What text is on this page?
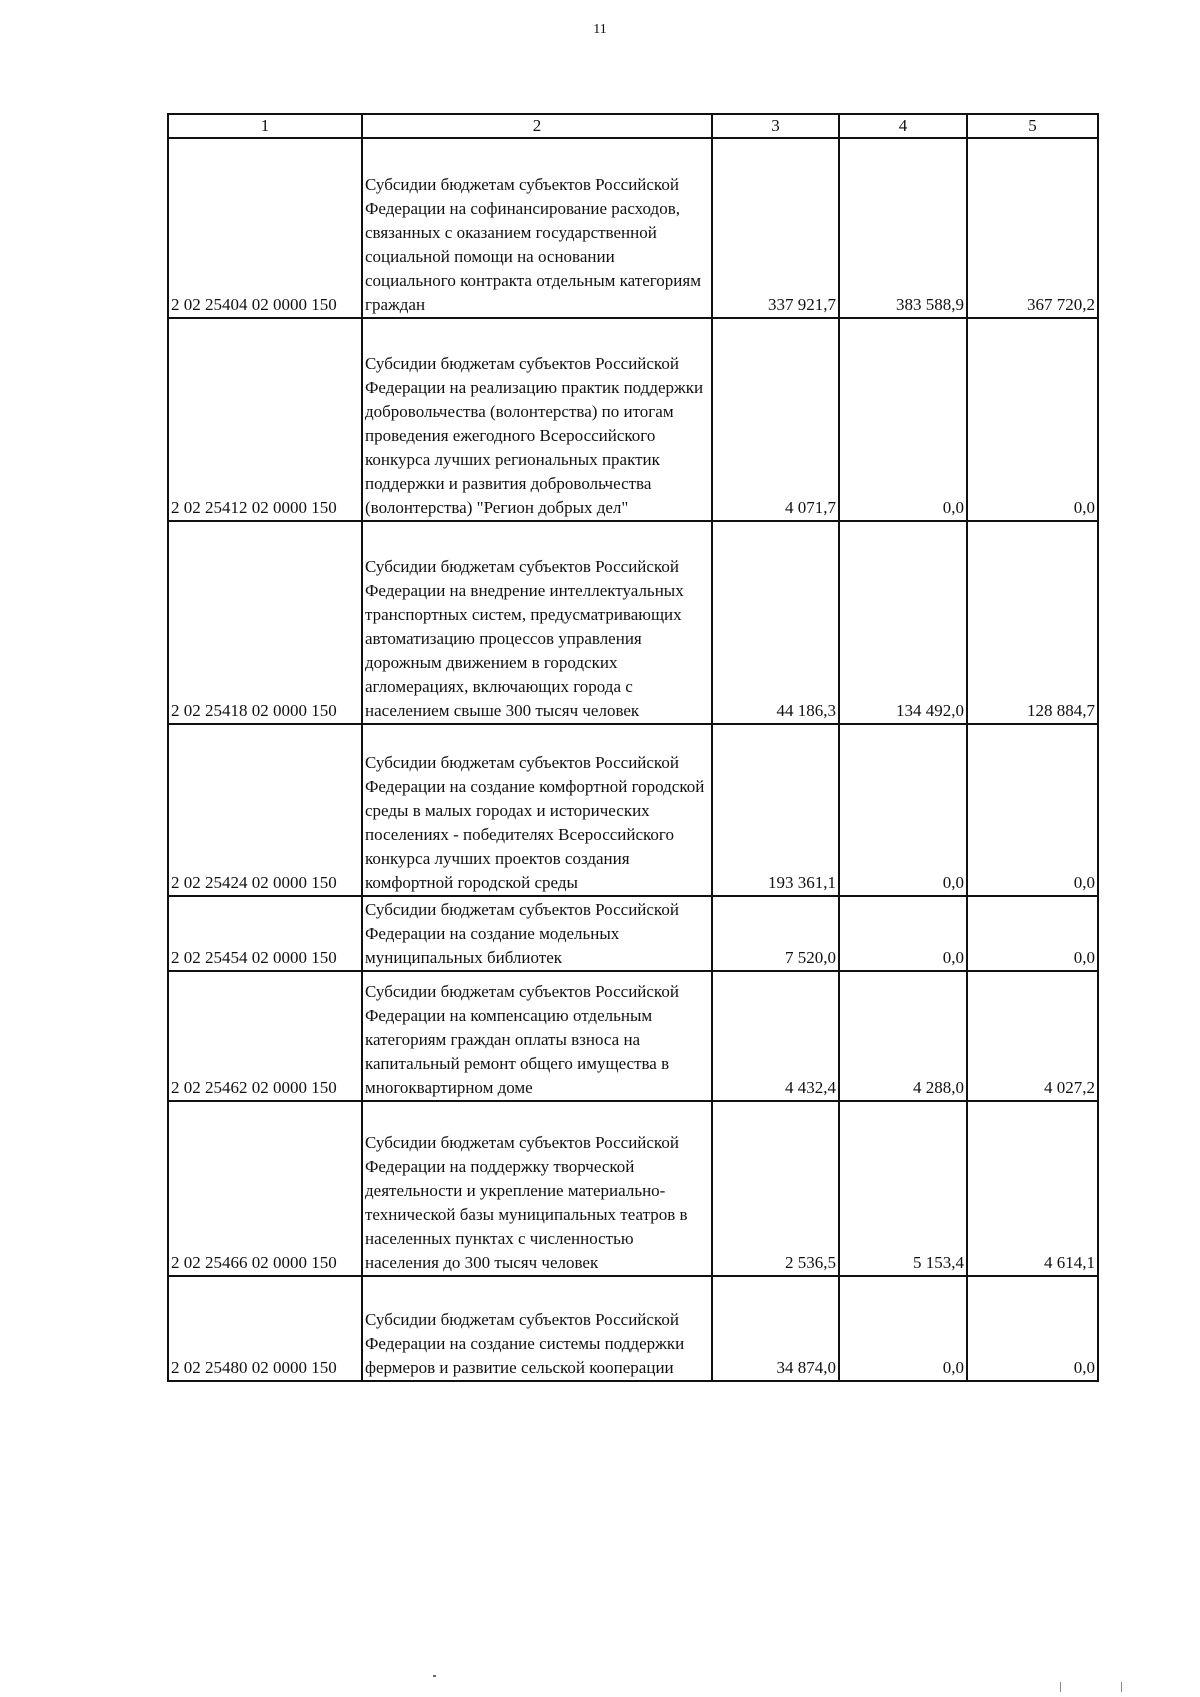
11
1	2	3	4	5
2 02 25404 02 0000 150	Субсидии бюджетам субъектов Российской Федерации на софинансирование расходов, связанных с оказанием государственной социальной помощи на основании социального контракта отдельным категориям граждан	337 921,7	383 588,9	367 720,2
2 02 25412 02 0000 150	Субсидии бюджетам субъектов Российской Федерации на реализацию практик поддержки добровольчества (волонтерства) по итогам проведения ежегодного Всероссийского конкурса лучших региональных практик поддержки и развития добровольчества (волонтерства) "Регион добрых дел"	4 071,7	0,0	0,0
2 02 25418 02 0000 150	Субсидии бюджетам субъектов Российской Федерации на внедрение интеллектуальных транспортных систем, предусматривающих автоматизацию процессов управления дорожным движением в городских агломерациях, включающих города с населением свыше 300 тысяч человек	44 186,3	134 492,0	128 884,7
2 02 25424 02 0000 150	Субсидии бюджетам субъектов Российской Федерации на создание комфортной городской среды в малых городах и исторических поселениях - победителях Всероссийского конкурса лучших проектов создания комфортной городской среды	193 361,1	0,0	0,0
2 02 25454 02 0000 150	Субсидии бюджетам субъектов Российской Федерации на создание модельных муниципальных библиотек	7 520,0	0,0	0,0
2 02 25462 02 0000 150	Субсидии бюджетам субъектов Российской Федерации на компенсацию отдельным категориям граждан оплаты взноса на капитальный ремонт общего имущества в многоквартирном доме	4 432,4	4 288,0	4 027,2
2 02 25466 02 0000 150	Субсидии бюджетам субъектов Российской Федерации на поддержку творческой деятельности и укрепление материально-технической базы муниципальных театров в населенных пунктах с численностью населения до 300 тысяч человек	2 536,5	5 153,4	4 614,1
2 02 25480 02 0000 150	Субсидии бюджетам субъектов Российской Федерации на создание системы поддержки фермеров и развитие сельской кооперации	34 874,0	0,0	0,0
